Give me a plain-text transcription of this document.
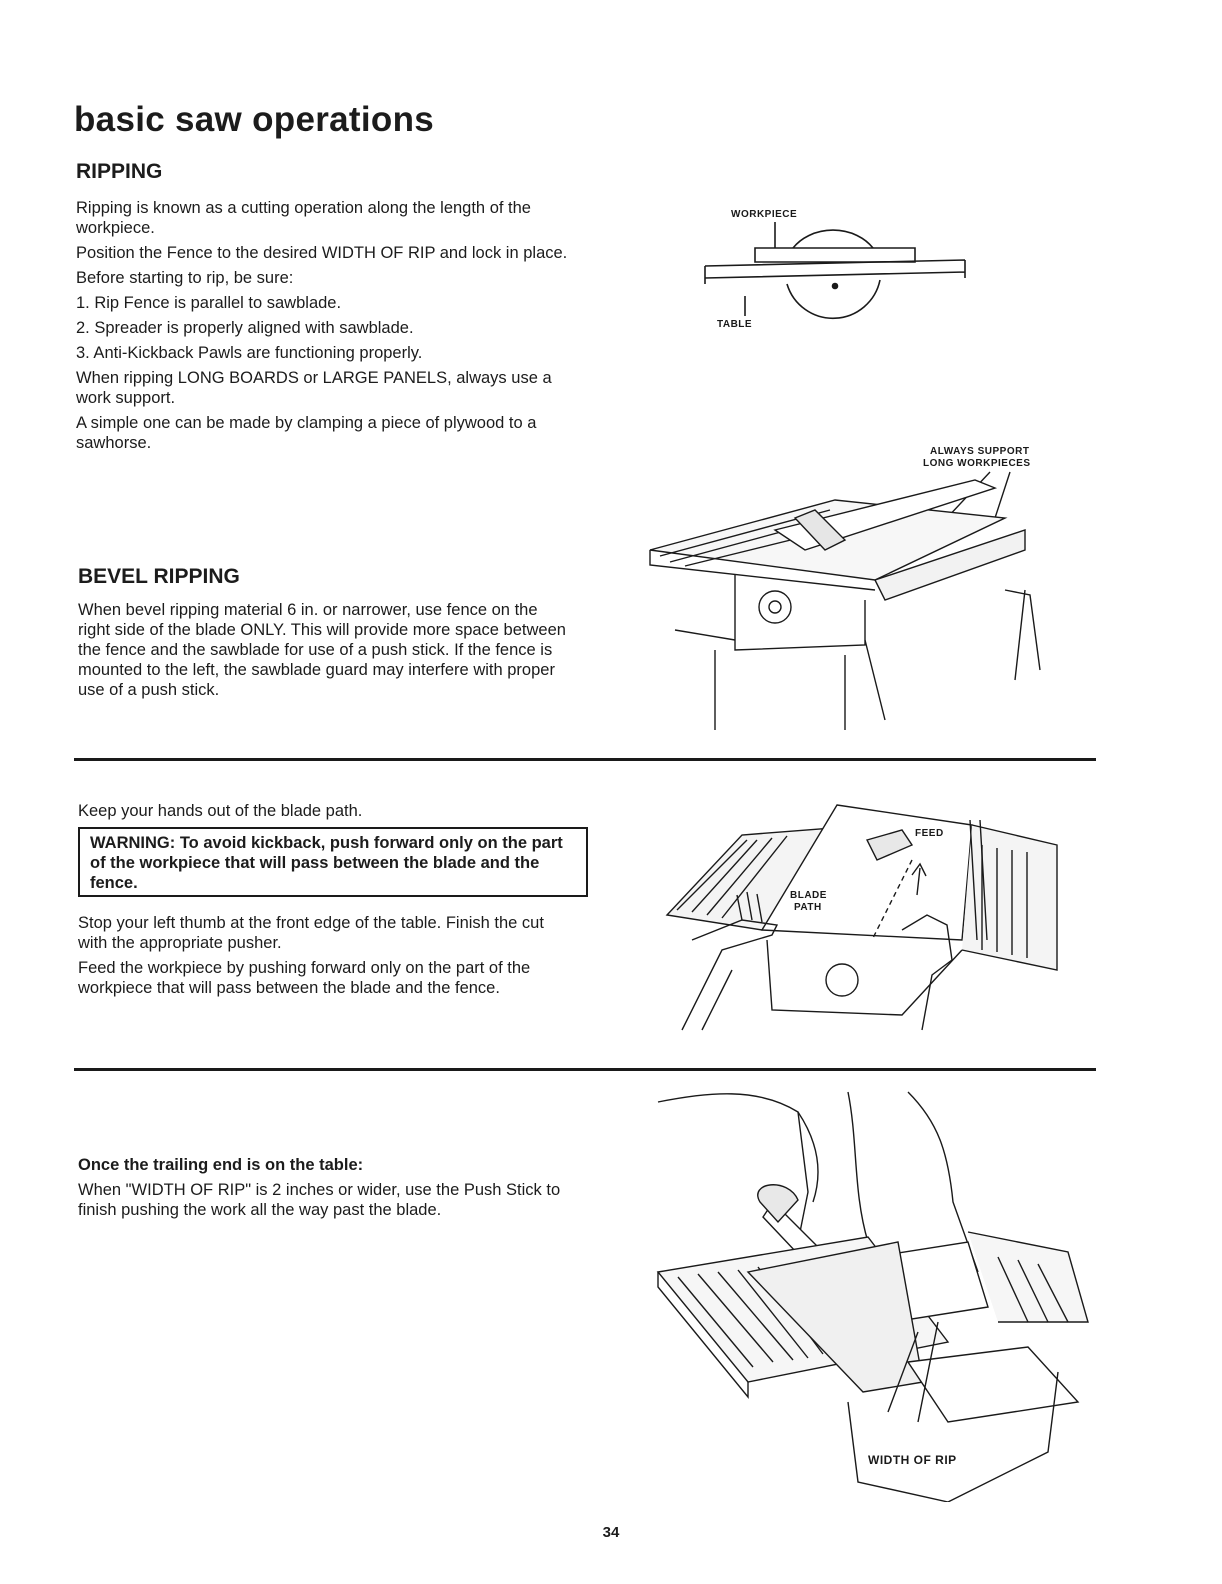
basic saw operations
RIPPING

Ripping is known as a cutting operation along the length of the workpiece.

Position the Fence to the desired WIDTH OF RIP and lock in place.

Before starting to rip, be sure:

1. Rip Fence is parallel to sawblade.

2. Spreader is properly aligned with sawblade.

3. Anti-Kickback Pawls are functioning properly.

When ripping LONG BOARDS or LARGE PANELS, always use a work support.

A simple one can be made by clamping a piece of plywood to a sawhorse.

BEVEL RIPPING

When bevel ripping material 6 in. or narrower, use fence on the right side of the blade ONLY. This will provide more space between the fence and the sawblade for use of a push stick. If the fence is mounted to the left, the sawblade guard may interfere with proper use of a push stick.

Keep your hands out of the blade path.

WARNING: To avoid kickback, push forward only on the part of the workpiece that will pass between the blade and the fence.

Stop your left thumb at the front edge of the table. Finish the cut with the appropriate pusher.

Feed the workpiece by pushing forward only on the part of the workpiece that will pass between the blade and the fence.

Once the trailing end is on the table:

When "WIDTH OF RIP" is 2 inches or wider, use the Push Stick to finish pushing the work all the way past the blade.

WORKPIECE
TABLE
ALWAYS SUPPORT
LONG WORKPIECES
FEED
BLADE
PATH
WIDTH OF RIP
34
